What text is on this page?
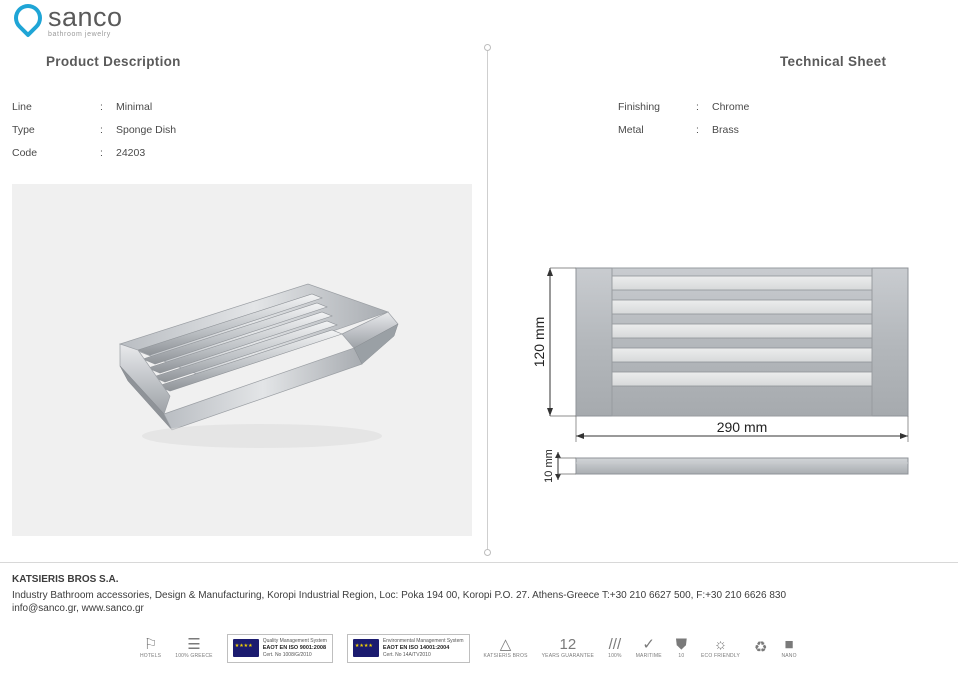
sanco
bathroom jewelry
Product Description	Technical Sheet
Line	:	Minimal
Type	:	Sponge Dish
Code	:	24203
Finishing	:	Chrome
Metal	:	Brass
120 mm
290 mm
10 mm
KATSIERIS BROS S.A.
Industry Bathroom accessories, Design & Manufacturing, Koropi Industrial Region, Loc: Poka 194 00, Koropi P.O. 27. Athens-Greece T:+30 210 6627 500, F:+30 210 6626 830
info@sanco.gr, www.sanco.gr
⚐
HOTELS
☰
100% GREECE
★★★★
Quality Management System
EAOT EN ISO 9001:2008
Cert. No 1008/G/2010
★★★★
Environmental Management System
EAOT EN ISO 14001:2004
Cert. No 14A/TV2010
△
KATSIERIS BROS
12
YEARS GUARANTEE
///
100%
✓
MARITIME
⛊
10
☼
ECO FRIENDLY ♻ ■
NANO
